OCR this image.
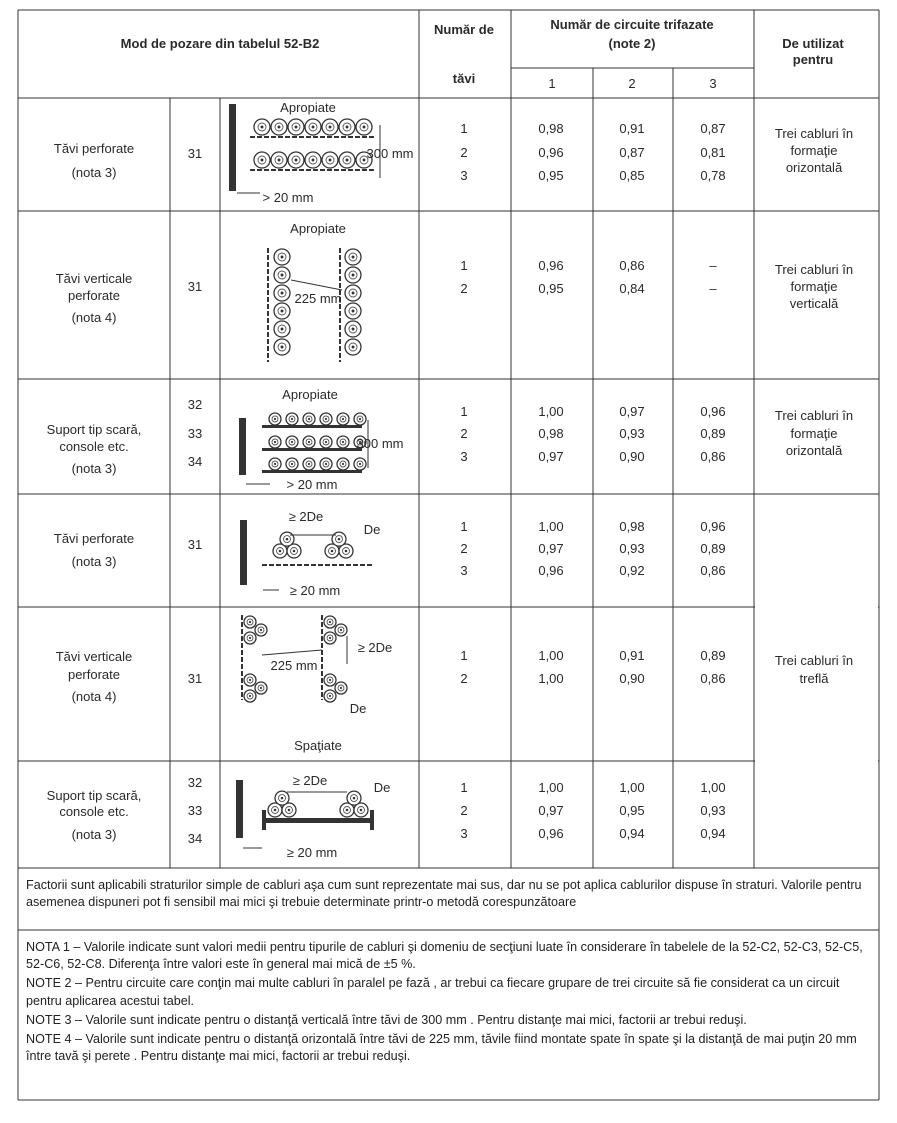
Mod de pozare din tabelul 52-B2
Număr de
tăvi
Număr de circuite trifazate
(note 2)
1	2	3
De utilizat
pentru
Tăvi perforate
(nota 3)
31
1	0,98	0,91	0,87
2	0,96	0,87	0,81
3	0,95	0,85	0,78
Trei cabluri în
formaţie
orizontală
Tăvi verticale
perforate
(nota 4)
31
1	0,96	0,86	–
2	0,95	0,84	–
Trei cabluri în
formaţie
verticală
Suport tip scară,
console etc.
(nota 3)
32
33
34
1	1,00	0,97	0,96
2	0,98	0,93	0,89
3	0,97	0,90	0,86
Trei cabluri în
formaţie
orizontală
Tăvi perforate
(nota 3)
31
1	1,00	0,98	0,96
2	0,97	0,93	0,89
3	0,96	0,92	0,86
Tăvi verticale
perforate
(nota 4)
31
1	1,00	0,91	0,89
2	1,00	0,90	0,86
Trei cabluri în
treflă
Suport tip scară,
console etc.
(nota 3)
32
33
34
1	1,00	1,00	1,00
2	0,97	0,95	0,93
3	0,96	0,94	0,94
Apropiate
300 mm
> 20 mm
Apropiate
225 mm
Apropiate
300 mm
> 20 mm
≥ 2De
De
≥ 20 mm
225 mm
≥ 2De
De
Spaţiate
≥ 2De	De
≥ 20 mm

Factorii sunt aplicabili straturilor simple de cabluri aşa cum sunt reprezentate mai sus, dar nu se pot aplica cablurilor dispuse în straturi. Valorile pentru asemenea dispuneri pot fi sensibil mai mici şi trebuie determinate printr-o metodă corespunzătoare

NOTA 1 – Valorile indicate sunt valori medii pentru tipurile de cabluri şi domeniu de secţiuni luate în considerare în tabelele de la 52-C2, 52-C3, 52-C5, 52-C6, 52-C8. Diferenţa între valori este în general mai mică de ±5 %.

NOTE 2 – Pentru circuite care conţin mai multe cabluri în paralel pe fază , ar trebui ca fiecare grupare de trei circuite să fie considerat ca un circuit pentru aplicarea acestui tabel.

NOTE 3 – Valorile sunt indicate pentru o distanţă verticală între tăvi de 300 mm . Pentru distanţe mai mici, factorii ar trebui reduşi.

NOTE 4 – Valorile sunt indicate pentru o distanţă orizontală între tăvi de 225 mm, tăvile fiind montate spate în spate şi la distanţă de mai puţin 20 mm între tavă şi perete . Pentru distanţe mai mici, factorii ar trebui reduşi.
